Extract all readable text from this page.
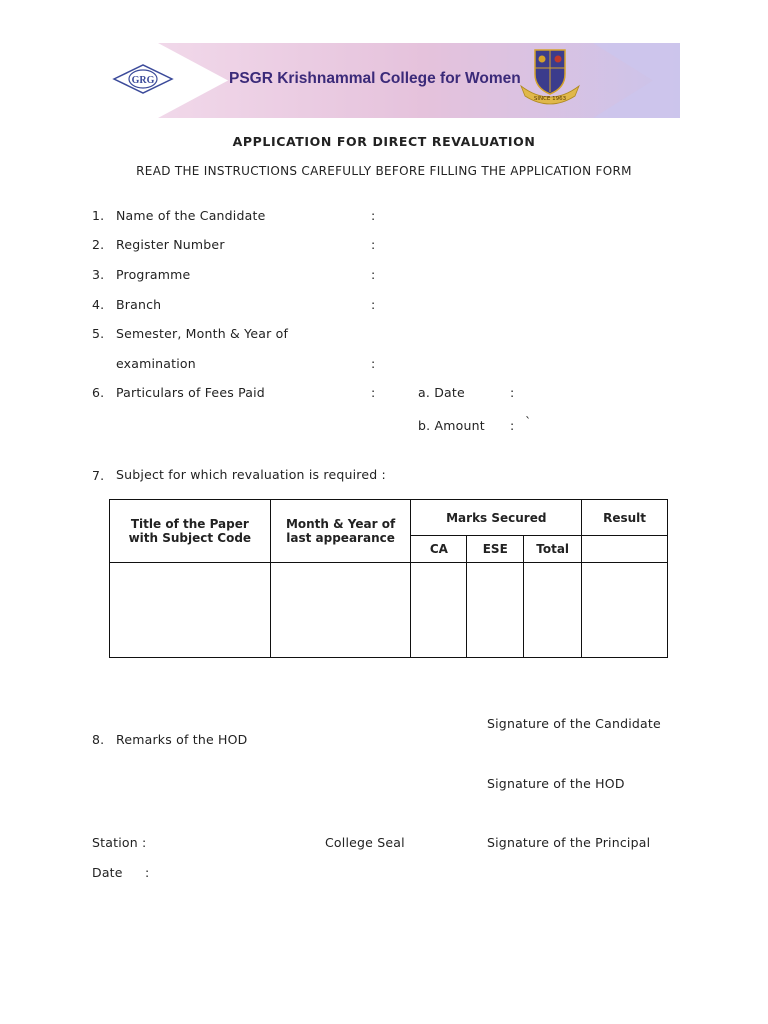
GRG	PSGR Krishnammal College for Women
SINCE 1963
APPLICATION FOR DIRECT REVALUATION
READ THE INSTRUCTIONS CAREFULLY BEFORE FILLING THE APPLICATION FORM
1. Name of the Candidate	:
2. Register Number	:
3. Programme	:
4. Branch	:
5. Semester, Month & Year of
examination	:
6. Particulars of Fees Paid	:	a. Date	:
b. Amount : `
7. Subject for which revaluation is required :
Title of the Paper with Subject Code	Month & Year of last appearance	Marks Secured			Result
		CA	ESE	Total	

Signature of the Candidate
8. Remarks of the HOD
Signature of the HOD
Station :	College Seal	Signature of the Principal
Date :
